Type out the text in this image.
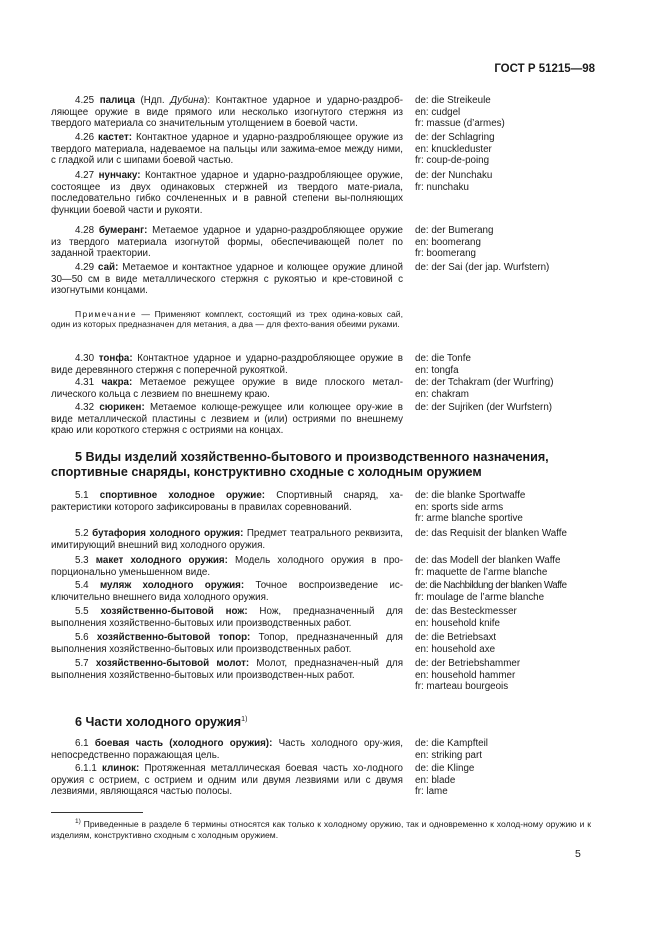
ГОСТ Р 51215—98

4.25 палица (Ндп. Дубина): Контактное ударное и ударно-раздроб-ляющее оружие в виде прямого или несколько изогнутого стержня из твердого материала со значительным утолщением в боевой части.

de: die Streikeule
en: cudgel
fr: massue (d’armes)

4.26 кастет: Контактное ударное и ударно-раздробляющее оружие из твердого материала, надеваемое на пальцы или зажима-емое между ними, с гладкой или с шипами боевой частью.

de: der Schlagring
en: knuckleduster
fr: coup-de-poing

4.27 нунчаку: Контактное ударное и ударно-раздробляющее оружие, состоящее из двух одинаковых стержней из твердого мате-риала, последовательно гибко сочлененных и в равной степени вы-полняющих функции боевой части и рукояти.

de: der Nunchaku
fr: nunchaku

4.28 бумеранг: Метаемое ударное и ударно-раздробляющее оружие из твердого материала изогнутой формы, обеспечивающей полет по заданной траектории.

de: der Bumerang
en: boomerang
fr: boomerang

4.29 сай: Метаемое и контактное ударное и колющее оружие длиной 30—50 см в виде металлического стержня с рукоятью и кре-стовиной с изогнутыми концами.

de: der Sai (der jap. Wurfstern)

Примечание — Применяют комплект, состоящий из трех одина-ковых сай, один из которых предназначен для метания, а два — для фехто-вания обеими руками.

4.30 тонфа: Контактное ударное и ударно-раздробляющее оружие в виде деревянного стержня с поперечной рукояткой.

de: die Tonfe
en: tongfa

4.31 чакра: Метаемое режущее оружие в виде плоского метал-лического кольца с лезвием по внешнему краю.

de: der Tchakram (der Wurfring)
en: chakram

4.32 сюрикен: Метаемое колюще-режущее или колющее ору-жие в виде металлической пластины с лезвием и (или) остриями по внешнему краю или короткого стержня с остриями на концах.

de: der Sujriken (der Wurfstern)
5 Виды изделий хозяйственно-бытового и производственного назначения, спортивные снаряды, конструктивно сходные с холодным оружием

5.1 спортивное холодное оружие: Спортивный снаряд, ха-рактеристики которого зафиксированы в правилах соревнований.

de: die blanke Sportwaffe
en: sports side arms
fr: arme blanche sportive

5.2 бутафория холодного оружия: Предмет театрального реквизита, имитирующий внешний вид холодного оружия.

de: das Requisit der blanken Waffe

5.3 макет холодного оружия: Модель холодного оружия в про-порционально уменьшенном виде.

de: das Modell der blanken Waffe
fr: maquette de l’arme blanche

5.4 муляж холодного оружия: Точное воспроизведение ис-ключительно внешнего вида холодного оружия.

de: die Nachbildung der blanken Waffe
fr: moulage de l’arme blanche

5.5 хозяйственно-бытовой нож: Нож, предназначенный для выполнения хозяйственно-бытовых или производственных работ.

de: das Besteckmesser
en: household knife

5.6 хозяйственно-бытовой топор: Топор, предназначенный для выполнения хозяйственно-бытовых или производственных работ.

de: die Betriebsaxt
en: household axe

5.7 хозяйственно-бытовой молот: Молот, предназначен-ный для выполнения хозяйственно-бытовых или производствен-ных работ.

de: der Betriebshammer
en: household hammer
fr: marteau bourgeois
6 Части холодного оружия$^{1)}$

6.1 боевая часть (холодного оружия): Часть холодного ору-жия, непосредственно поражающая цель.

de: die Kampfteil
en: striking part

6.1.1 клинок: Протяженная металлическая боевая часть хо-лодного оружия с острием, с острием и одним или двумя лезвиями или с двумя лезвиями, являющаяся частью полосы.

de: die Klinge
en: blade
fr: lame
$^{1)}$ Приведенные в разделе 6 термины относятся как только к холодному оружию, так и одновременно к холод-ному оружию и к изделиям, конструктивно сходным с холодным оружием.
5
